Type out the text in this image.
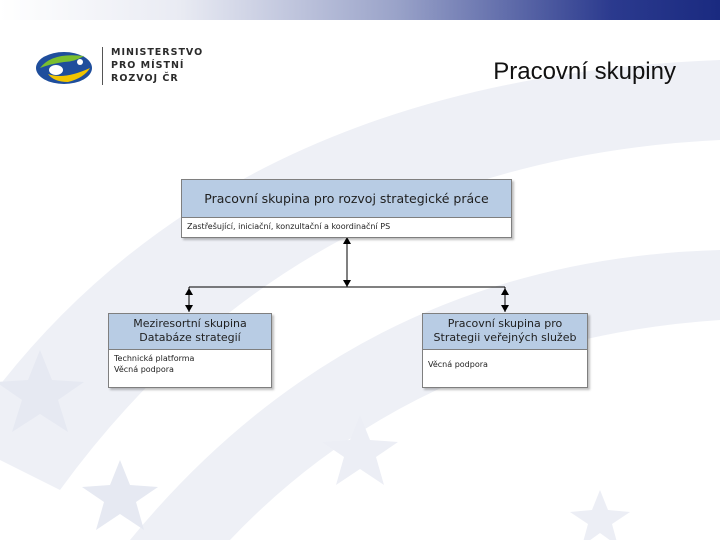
MINISTERSTVO
PRO MÍSTNÍ
ROZVOJ ČR	Pracovní skupiny
Pracovní skupina pro rozvoj strategické práce
Zastřešující, iniciační, konzultační a koordinační PS
Meziresortní skupina
Databáze strategií
Technická platforma
Věcná podpora
Pracovní skupina pro
Strategii veřejných služeb
Věcná podpora
